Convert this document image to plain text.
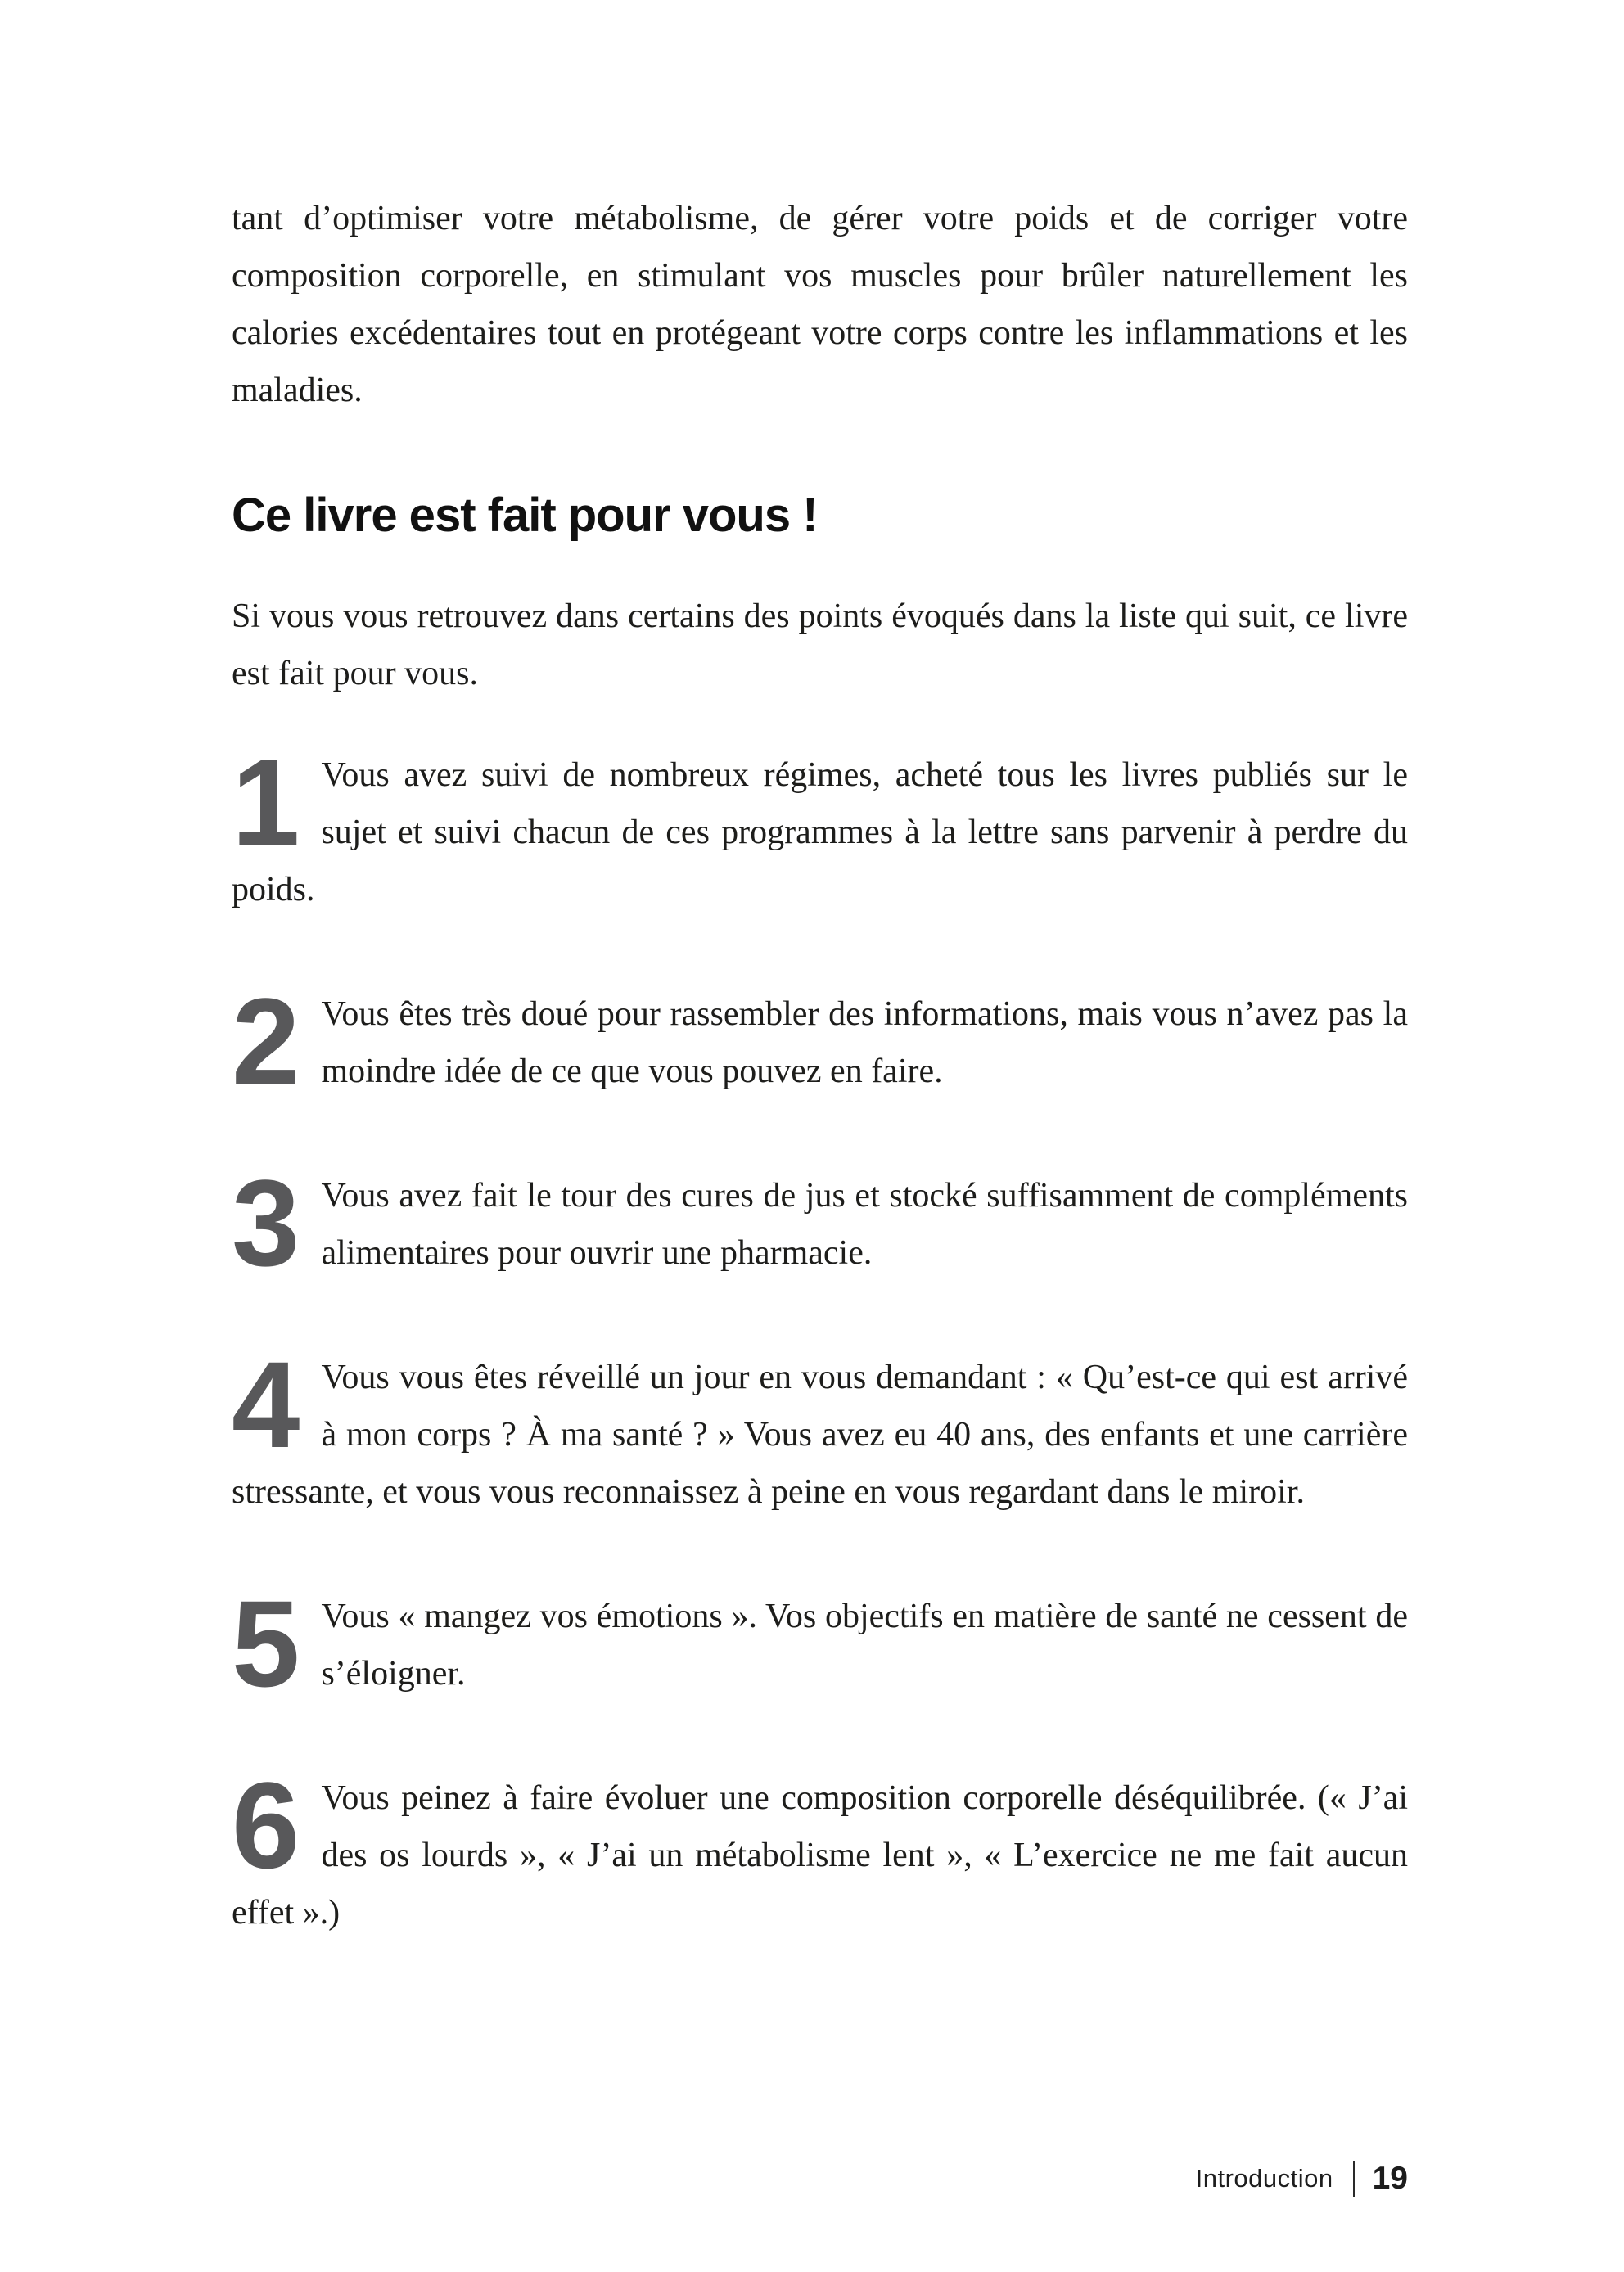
tant d’optimiser votre métabolisme, de gérer votre poids et de corriger votre composition corporelle, en stimulant vos muscles pour brûler naturellement les calories excédentaires tout en protégeant votre corps contre les inflammations et les maladies.

Ce livre est fait pour vous !

Si vous vous retrouvez dans certains des points évoqués dans la liste qui suit, ce livre est fait pour vous.

1 Vous avez suivi de nombreux régimes, acheté tous les livres publiés sur le sujet et suivi chacun de ces programmes à la lettre sans parvenir à perdre du poids.
2 Vous êtes très doué pour rassembler des informations, mais vous n’avez pas la moindre idée de ce que vous pouvez en faire.
3 Vous avez fait le tour des cures de jus et stocké suffisamment de compléments alimentaires pour ouvrir une pharmacie.
4 Vous vous êtes réveillé un jour en vous demandant : « Qu’est-ce qui est arrivé à mon corps ? À ma santé ? » Vous avez eu 40 ans, des enfants et une carrière stressante, et vous vous reconnaissez à peine en vous regardant dans le miroir.
5 Vous « mangez vos émotions ». Vos objectifs en matière de santé ne cessent de s’éloigner.
6 Vous peinez à faire évoluer une composition corporelle déséquilibrée. (« J’ai des os lourds », « J’ai un métabolisme lent », « L’exercice ne me fait aucun effet ».)
Introduction 19
